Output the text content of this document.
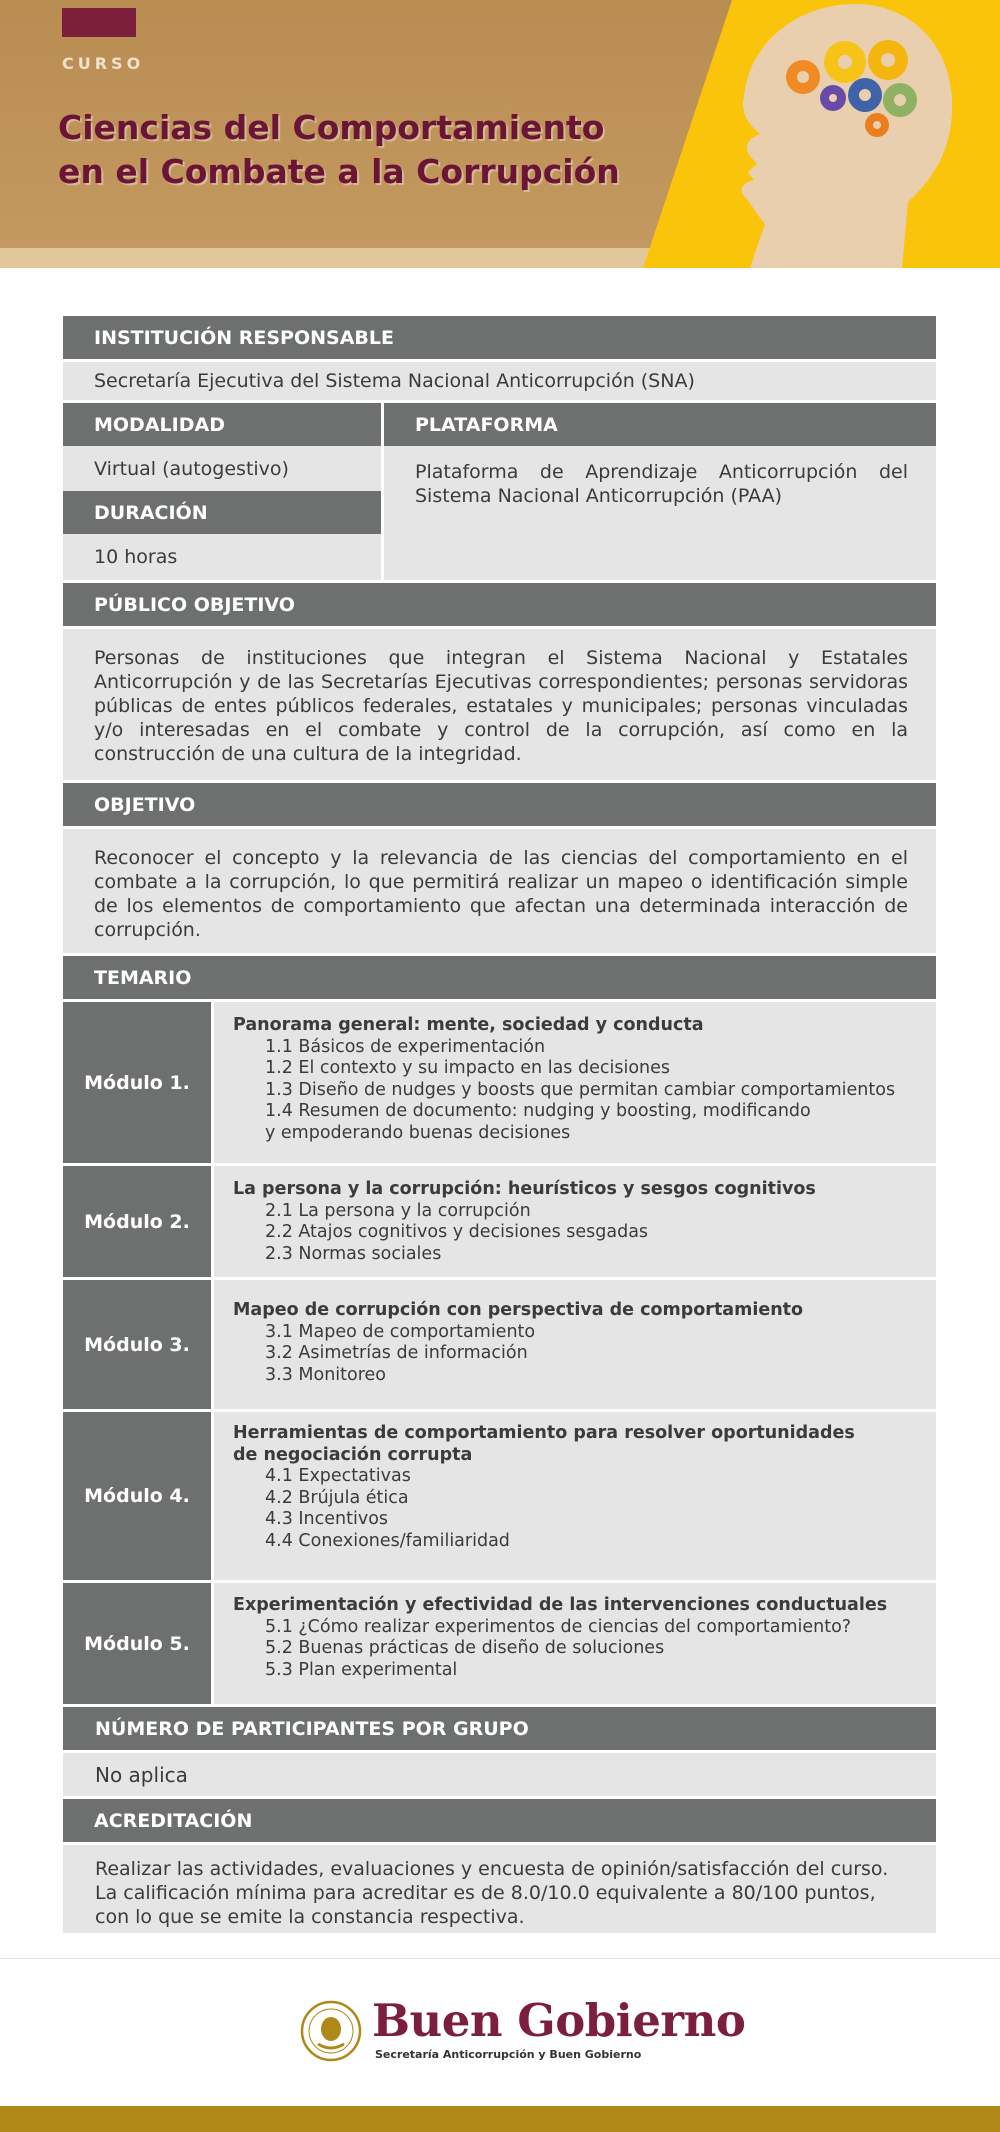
CURSO
Ciencias del Comportamiento
en el Combate a la Corrupción
INSTITUCIÓN RESPONSABLE
Secretaría Ejecutiva del Sistema Nacional Anticorrupción (SNA)
MODALIDAD
Virtual (autogestivo)
DURACIÓN
10 horas
PLATAFORMA
Plataforma de Aprendizaje Anticorrupción del Sistema Nacional Anticorrupción (PAA)
PÚBLICO OBJETIVO
Personas de instituciones que integran el Sistema Nacional y Estatales Anticorrupción y de las Secretarías Ejecutivas correspondientes; personas servidoras públicas de entes públicos federales, estatales y municipales; personas vinculadas y/o interesadas en el combate y control de la corrupción, así como en la construcción de una cultura de la integridad.
OBJETIVO
Reconocer el concepto y la relevancia de las ciencias del comportamiento en el combate a la corrupción, lo que permitirá realizar un mapeo o identificación simple de los elementos de comportamiento que afectan una determinada interacción de corrupción.
TEMARIO
Módulo 1.
Panorama general: mente, sociedad y conducta
1.1 Básicos de experimentación
1.2 El contexto y su impacto en las decisiones
1.3 Diseño de nudges y boosts que permitan cambiar comportamientos
1.4 Resumen de documento: nudging y boosting, modificando
y empoderando buenas decisiones
Módulo 2.
La persona y la corrupción: heurísticos y sesgos cognitivos
2.1 La persona y la corrupción
2.2 Atajos cognitivos y decisiones sesgadas
2.3 Normas sociales
Módulo 3.
Mapeo de corrupción con perspectiva de comportamiento
3.1 Mapeo de comportamiento
3.2 Asimetrías de información
3.3 Monitoreo
Módulo 4.
Herramientas de comportamiento para resolver oportunidades
de negociación corrupta
4.1 Expectativas
4.2 Brújula ética
4.3 Incentivos
4.4 Conexiones/familiaridad
Módulo 5.
Experimentación y efectividad de las intervenciones conductuales
5.1 ¿Cómo realizar experimentos de ciencias del comportamiento?
5.2 Buenas prácticas de diseño de soluciones
5.3 Plan experimental
NÚMERO DE PARTICIPANTES POR GRUPO
No aplica
ACREDITACIÓN
Realizar las actividades, evaluaciones y encuesta de opinión/satisfacción del curso.
La calificación mínima para acreditar es de 8.0/10.0 equivalente a 80/100 puntos, con lo que se emite la constancia respectiva.
Buen Gobierno
Secretaría Anticorrupción y Buen Gobierno
